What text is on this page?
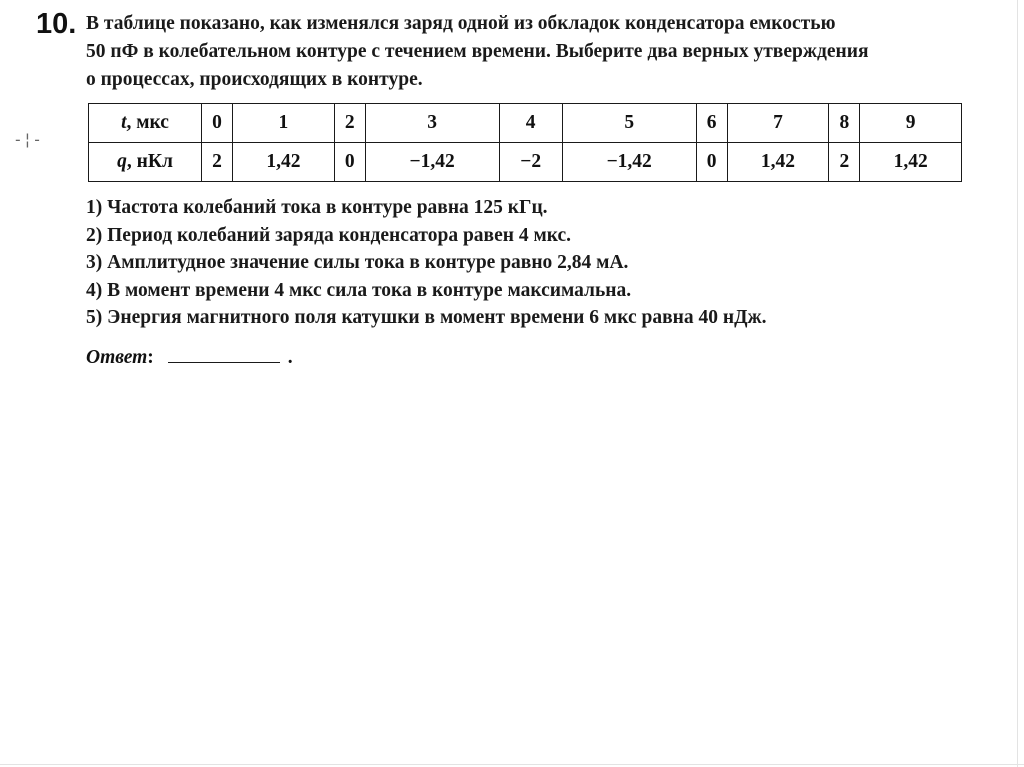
-¦-
10. В таблице показано, как изменялся заряд одной из обкладок конденсатора емкостью
50 пФ в колебательном контуре с течением времени. Выберите два верных утверждения
о процессах, происходящих в контуре.
t, мкс	0	1	2	3	4	5	6	7	8	9
q, нКл	2	1,42	0	−1,42	−2	−1,42	0	1,42	2	1,42
1) Частота колебаний тока в контуре равна 125 кГц.
2) Период колебаний заряда конденсатора равен 4 мкс.
3) Амплитудное значение силы тока в контуре равно 2,84 мА.
4) В момент времени 4 мкс сила тока в контуре максимальна.
5) Энергия магнитного поля катушки в момент времени 6 мкс равна 40 нДж.
Ответ:	.
